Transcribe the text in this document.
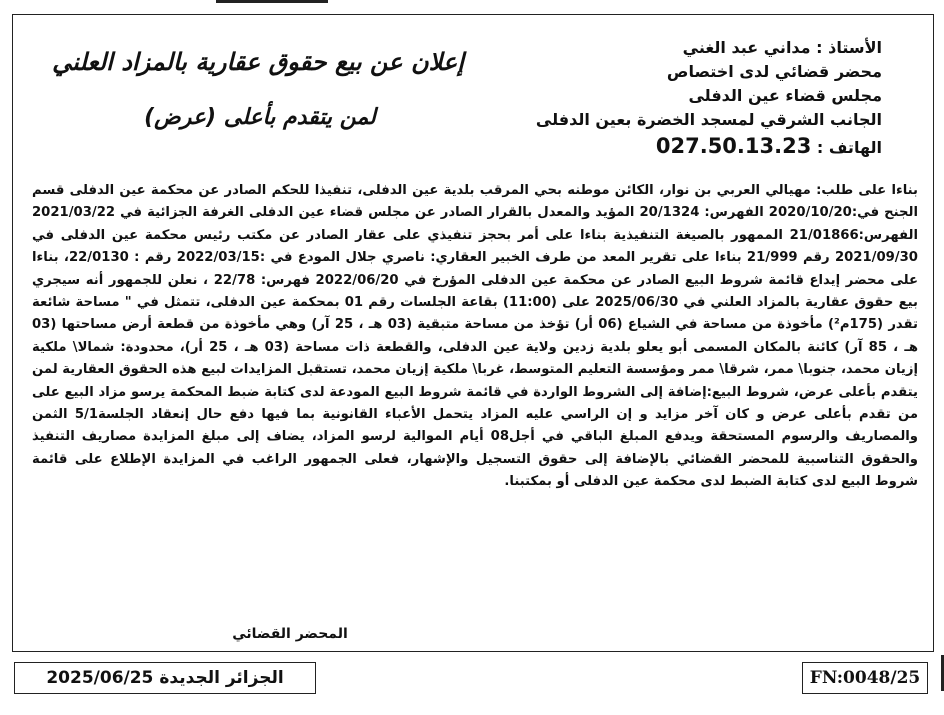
الأستاذ : مداني عبد الغني
محضر قضائي لدى اختصاص
مجلس قضاء عين الدفلى
الجانب الشرقي لمسجد الخضرة بعين الدفلى
الهاتف : 027.50.13.23
إعلان عن بيع حقوق عقارية بالمزاد العلني
لمن يتقدم بأعلى (عرض)

بناءا على طلب: مهيالي العربي بن نوار، الكائن موطنه بحي المرقب بلدية عين الدفلى، تنفيذا للحكم الصادر عن محكمة عين الدفلى قسم الجنح في:2020/10/20 الفهرس: 20/1324 المؤيد والمعدل بالقرار الصادر عن مجلس قضاء عين الدفلى الغرفة الجزائية في 2021/03/22 الفهرس:21/01866 الممهور بالصيغة التنفيذية بناءا على أمر بحجز تنفيذي على عقار الصادر عن مكتب رئيس محكمة عين الدفلى في 2021/09/30 رقم 21/999 بناءا على تقرير المعد من طرف الخبير العقاري: ناصري جلال المودع في :2022/03/15 رقم : 22/0130، بناءا على محضر إيداع قائمة شروط البيع الصادر عن محكمة عين الدفلى المؤرخ في 2022/06/20 فهرس: 22/78 ، نعلن للجمهور أنه سيجري بيع حقوق عقارية بالمزاد العلني في 2025/06/30 على (11:00) بقاعة الجلسات رقم 01 بمحكمة عين الدفلى، تتمثل في " مساحة شائعة تقدر (175م²) مأخوذة من مساحة في الشياع (06 أر) تؤخذ من مساحة متبقية (03 هـ ، 25 آر) وهي مأخوذة من قطعة أرض مساحتها (03 هـ ، 85 آر) كائنة بالمكان المسمى أبو يعلو بلدية زدين ولاية عين الدفلى، والقطعة ذات مساحة (03 هـ ، 25 أر)، محدودة: شمالا\ ملكية إزيان محمد، جنوبا\ ممر، شرقا\ ممر ومؤسسة التعليم المتوسط، غربا\ ملكية إزيان محمد، تستقبل المزايدات لبيع هذه الحقوق العقارية لمن يتقدم بأعلى عرض، شروط البيع:إضافة إلى الشروط الواردة في قائمة شروط البيع المودعة لدى كتابة ضبط المحكمة يرسو مزاد البيع على من تقدم بأعلى عرض و كان آخر مزايد و إن الراسي عليه المزاد يتحمل الأعباء القانونية بما فيها دفع حال إنعقاد الجلسة5/1 الثمن والمصاريف والرسوم المستحقة ويدفع المبلغ الباقي في أجل08 أيام الموالية لرسو المزاد، يضاف إلى مبلغ المزايدة مصاريف التنفيذ والحقوق التناسبية للمحضر القضائي بالإضافة إلى حقوق التسجيل والإشهار، فعلى الجمهور الراغب في المزايدة الإطلاع على قائمة شروط البيع لدى كتابة الضبط لدى محكمة عين الدفلى أو بمكتبنا.

المحضر القضائي
الجزائر الجديدة
2025/06/25	FN:0048/25
